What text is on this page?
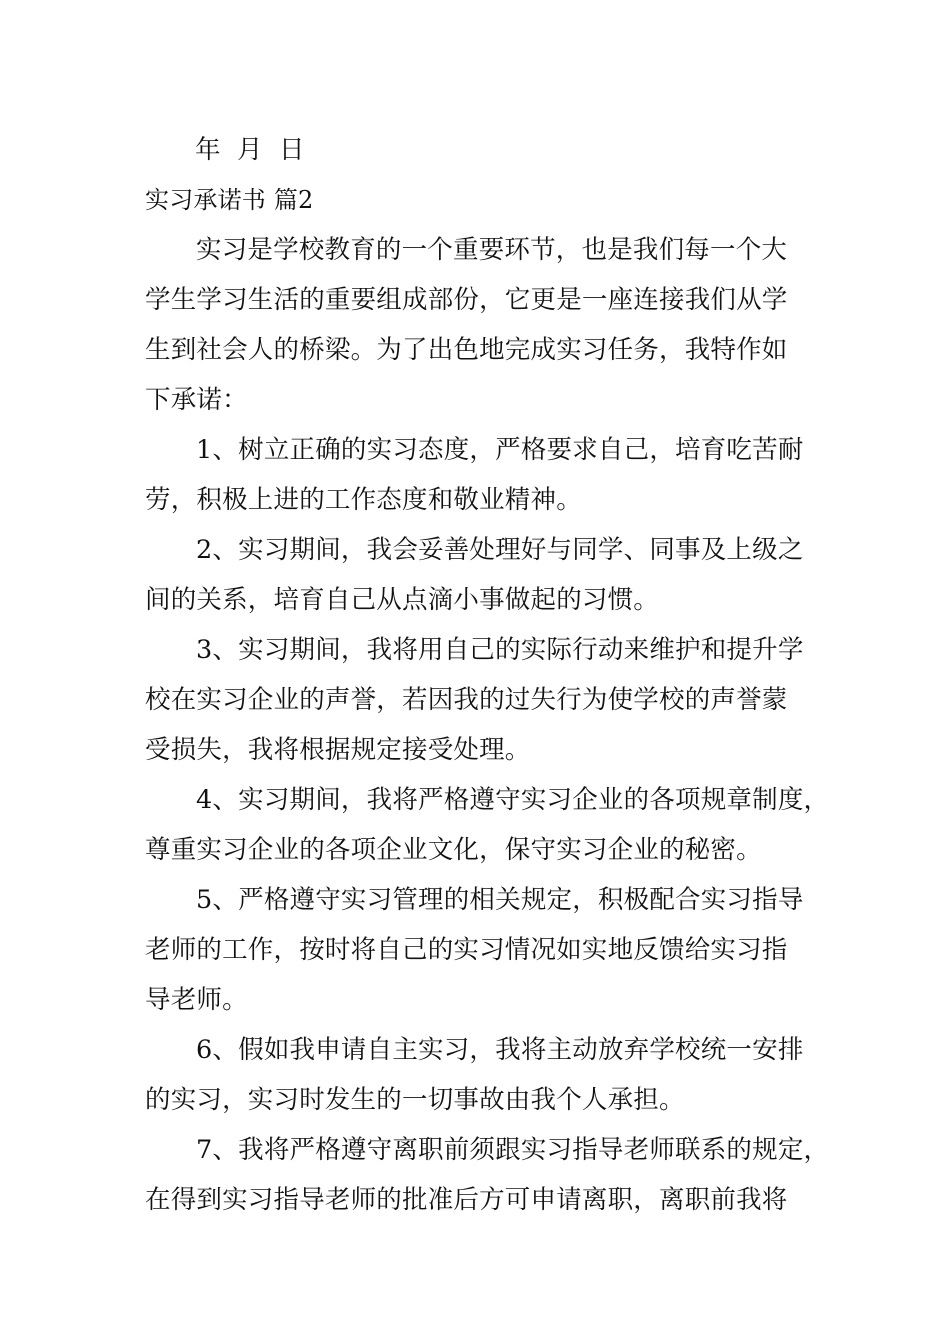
年 月 日
实习承诺书 篇2
实习是学校教育的一个重要环节，也是我们每一个大
学生学习生活的重要组成部份，它更是一座连接我们从学
生到社会人的桥梁。为了出色地完成实习任务，我特作如
下承诺：
1、树立正确的实习态度，严格要求自己，培育吃苦耐
劳，积极上进的工作态度和敬业精神。
2、实习期间，我会妥善处理好与同学、同事及上级之
间的关系，培育自己从点滴小事做起的习惯。
3、实习期间，我将用自己的实际行动来维护和提升学
校在实习企业的声誉，若因我的过失行为使学校的声誉蒙
受损失，我将根据规定接受处理。
4、实习期间，我将严格遵守实习企业的各项规章制度，
尊重实习企业的各项企业文化，保守实习企业的秘密。
5、严格遵守实习管理的相关规定，积极配合实习指导
老师的工作，按时将自己的实习情况如实地反馈给实习指
导老师。
6、假如我申请自主实习，我将主动放弃学校统一安排
的实习，实习时发生的一切事故由我个人承担。
7、我将严格遵守离职前须跟实习指导老师联系的规定，
在得到实习指导老师的批准后方可申请离职，离职前我将
